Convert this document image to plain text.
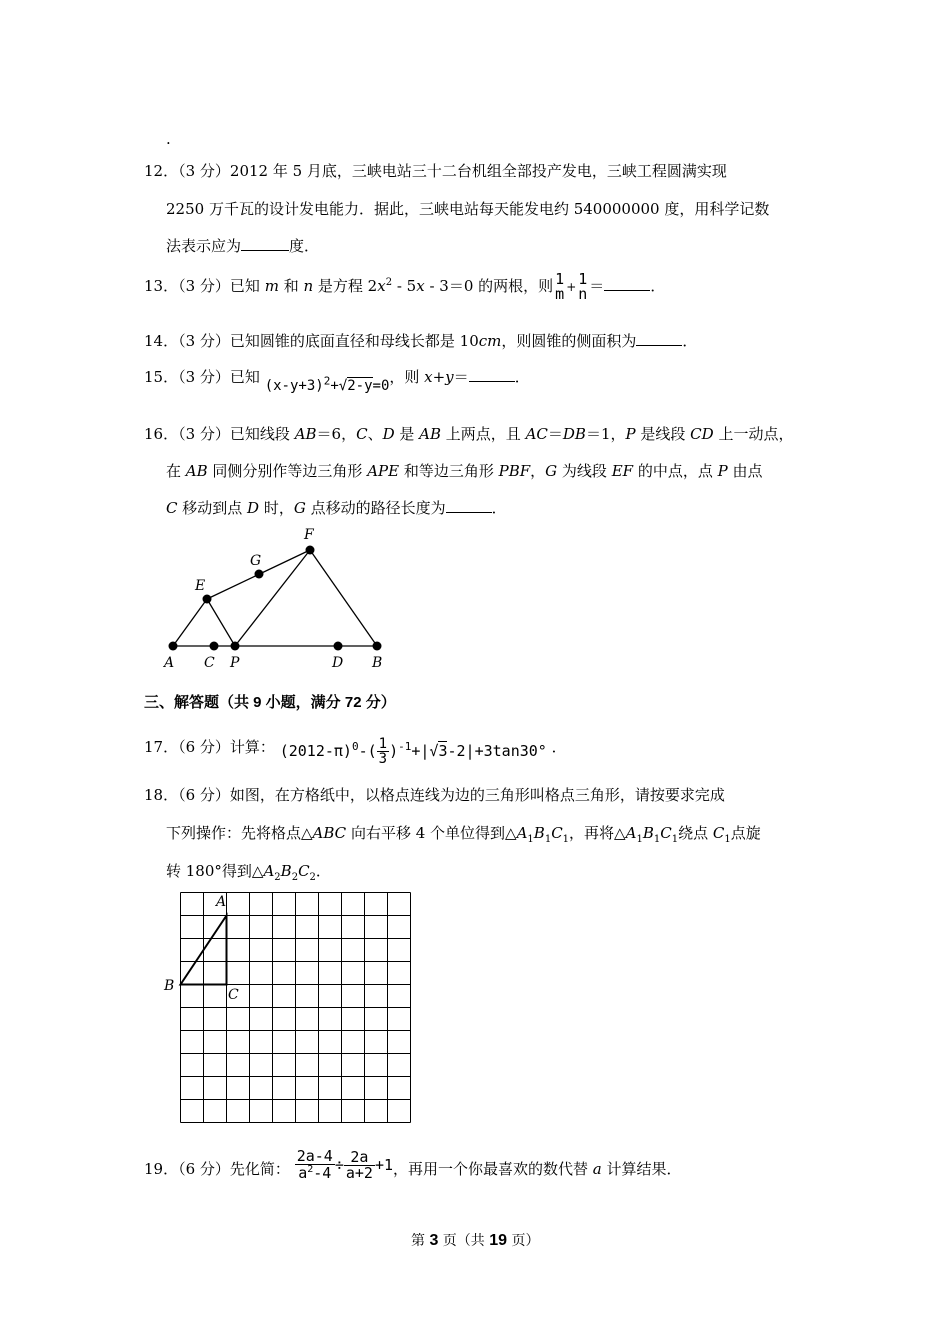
.
12．（3 分）2012 年 5 月底，三峡电站三十二台机组全部投产发电，三峡工程圆满实现
2250 万千瓦的设计发电能力．据此，三峡电站每天能发电约 540000000 度，用科学记数
法表示应为	度．
13．（3 分）已知 m 和 n 是方程 $2x^2 - 5x - 3=0$ 的两根，则 1
m + 1
n ＝	．
14．（3 分）已知圆锥的底面直径和母线长都是 10cm，则圆锥的侧面积为	．
15．（3 分）已知 $(x-y+3)^2+√2-y=0$，则 x+y＝	．
16．（3 分）已知线段 AB＝6，C、D 是 AB 上两点，且 AC＝DB＝1，P 是线段 CD 上一动点，
在 AB 同侧分别作等边三角形 APE 和等边三角形 PBF，G 为线段 EF 的中点，点 P 由点
C 移动到点 D 时，G 点移动的路径长度为	．
A C P	D B
E
G
F
三、解答题（共 9 小题，满分 72 分）
17．（6 分）计算： $(2012-\pi)^0-( \frac{1}{3} )^{-1}+|√3-2|+3\tan 30^\circ$ ．
18．（6 分）如图，在方格纸中，以格点连线为边的三角形叫格点三角形，请按要求完成
下列操作：先将格点△ABC 向右平移 4 个单位得到$\triangle A_1B_1C_1$，再将$\triangle A_1B_1C_1$绕点 $C_1$点旋
转 180°得到$\triangle A_2B_2C_2$．
A
B
C
19．（6 分）先化简： $\frac{2a-4}{a^2-4} \div \frac{2a}{a+2} +1$，再用一个你最喜欢的数代替 a 计算结果．
第 3 页（共 19 页）
